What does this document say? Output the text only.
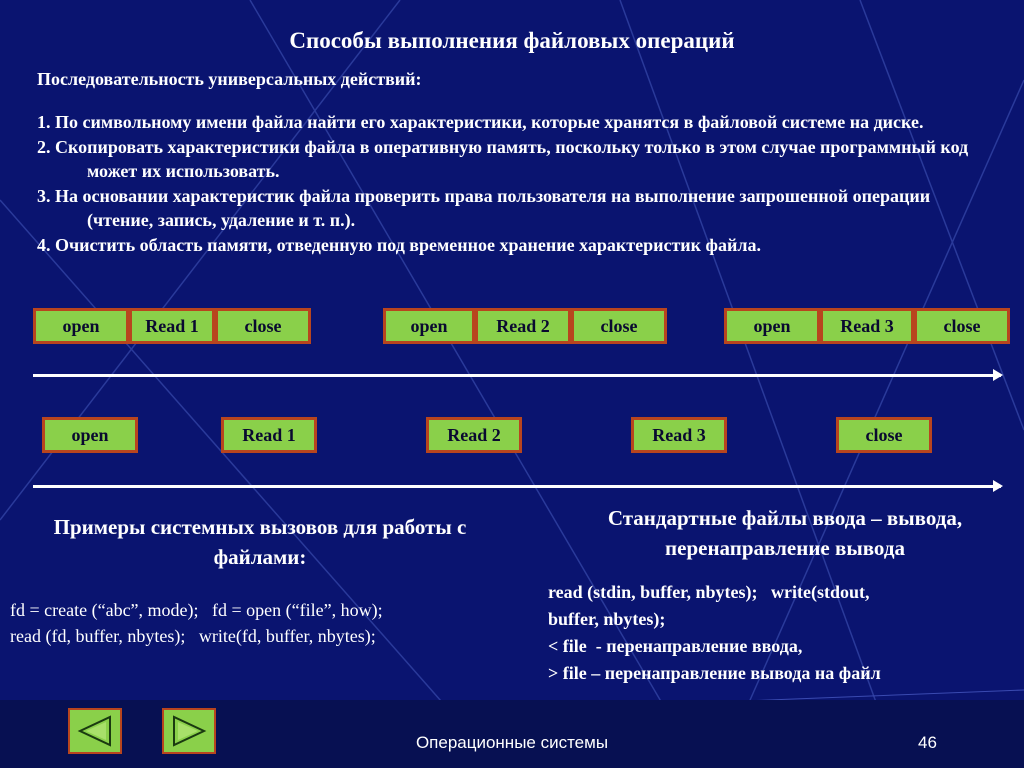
Способы выполнения файловых операций
Последовательность универсальных действий:

1. По символьному имени файла найти его характеристики, которые хранятся в файловой системе на диске.

2. Скопировать характеристики файла в оперативную память, поскольку только в этом случае программный код может их использовать.

3. На основании характеристик файла проверить права пользователя на выполнение запрошенной операции (чтение, запись, удаление и т. п.).

4. Очистить область памяти, отведенную под временное хранение характеристик файла.

open	Read 1	close	open	Read 2	close	open	Read 3	close
open	Read 1	Read 2	Read 3	close
Примеры системных вызовов для работы с файлами:
Стандартные файлы ввода – вывода, перенаправление вывода
fd = create (“abc”, mode);   fd = open (“file”, how);
read (fd, buffer, nbytes);   write(fd, buffer, nbytes);
read (stdin, buffer, nbytes);   write(stdout,
buffer, nbytes);
< file  - перенаправление ввода,
> file – перенаправление вывода на файл
Операционные системы	46
